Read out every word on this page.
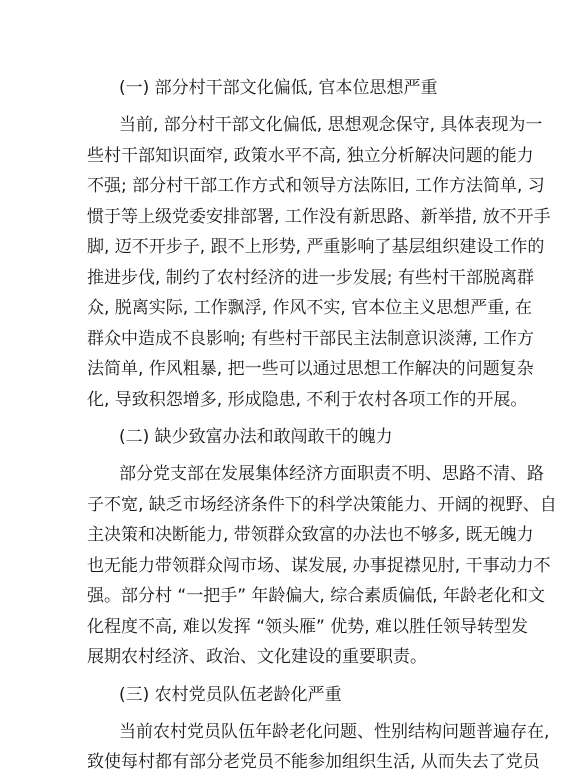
(一) 部分村干部文化偏低, 官本位思想严重
当前, 部分村干部文化偏低, 思想观念保守, 具体表现为一
些村干部知识面窄, 政策水平不高, 独立分析解决问题的能力
不强; 部分村干部工作方式和领导方法陈旧, 工作方法简单, 习
惯于等上级党委安排部署, 工作没有新思路、新举措, 放不开手
脚, 迈不开步子, 跟不上形势, 严重影响了基层组织建设工作的
推进步伐, 制约了农村经济的进一步发展; 有些村干部脱离群
众, 脱离实际, 工作飘浮, 作风不实, 官本位主义思想严重, 在
群众中造成不良影响; 有些村干部民主法制意识淡薄, 工作方
法简单, 作风粗暴, 把一些可以通过思想工作解决的问题复杂
化, 导致积怨增多, 形成隐患, 不利于农村各项工作的开展。
(二) 缺少致富办法和敢闯敢干的魄力
部分党支部在发展集体经济方面职责不明、思路不清、路
子不宽, 缺乏市场经济条件下的科学决策能力、开阔的视野、自
主决策和决断能力, 带领群众致富的办法也不够多, 既无魄力
也无能力带领群众闯市场、谋发展, 办事捉襟见肘, 干事动力不
强。部分村 “一把手” 年龄偏大, 综合素质偏低, 年龄老化和文
化程度不高, 难以发挥 “领头雁” 优势, 难以胜任领导转型发
展期农村经济、政治、文化建设的重要职责。
(三) 农村党员队伍老龄化严重
当前农村党员队伍年龄老化问题、性别结构问题普遍存在,
致使每村都有部分老党员不能参加组织生活, 从而失去了党员
